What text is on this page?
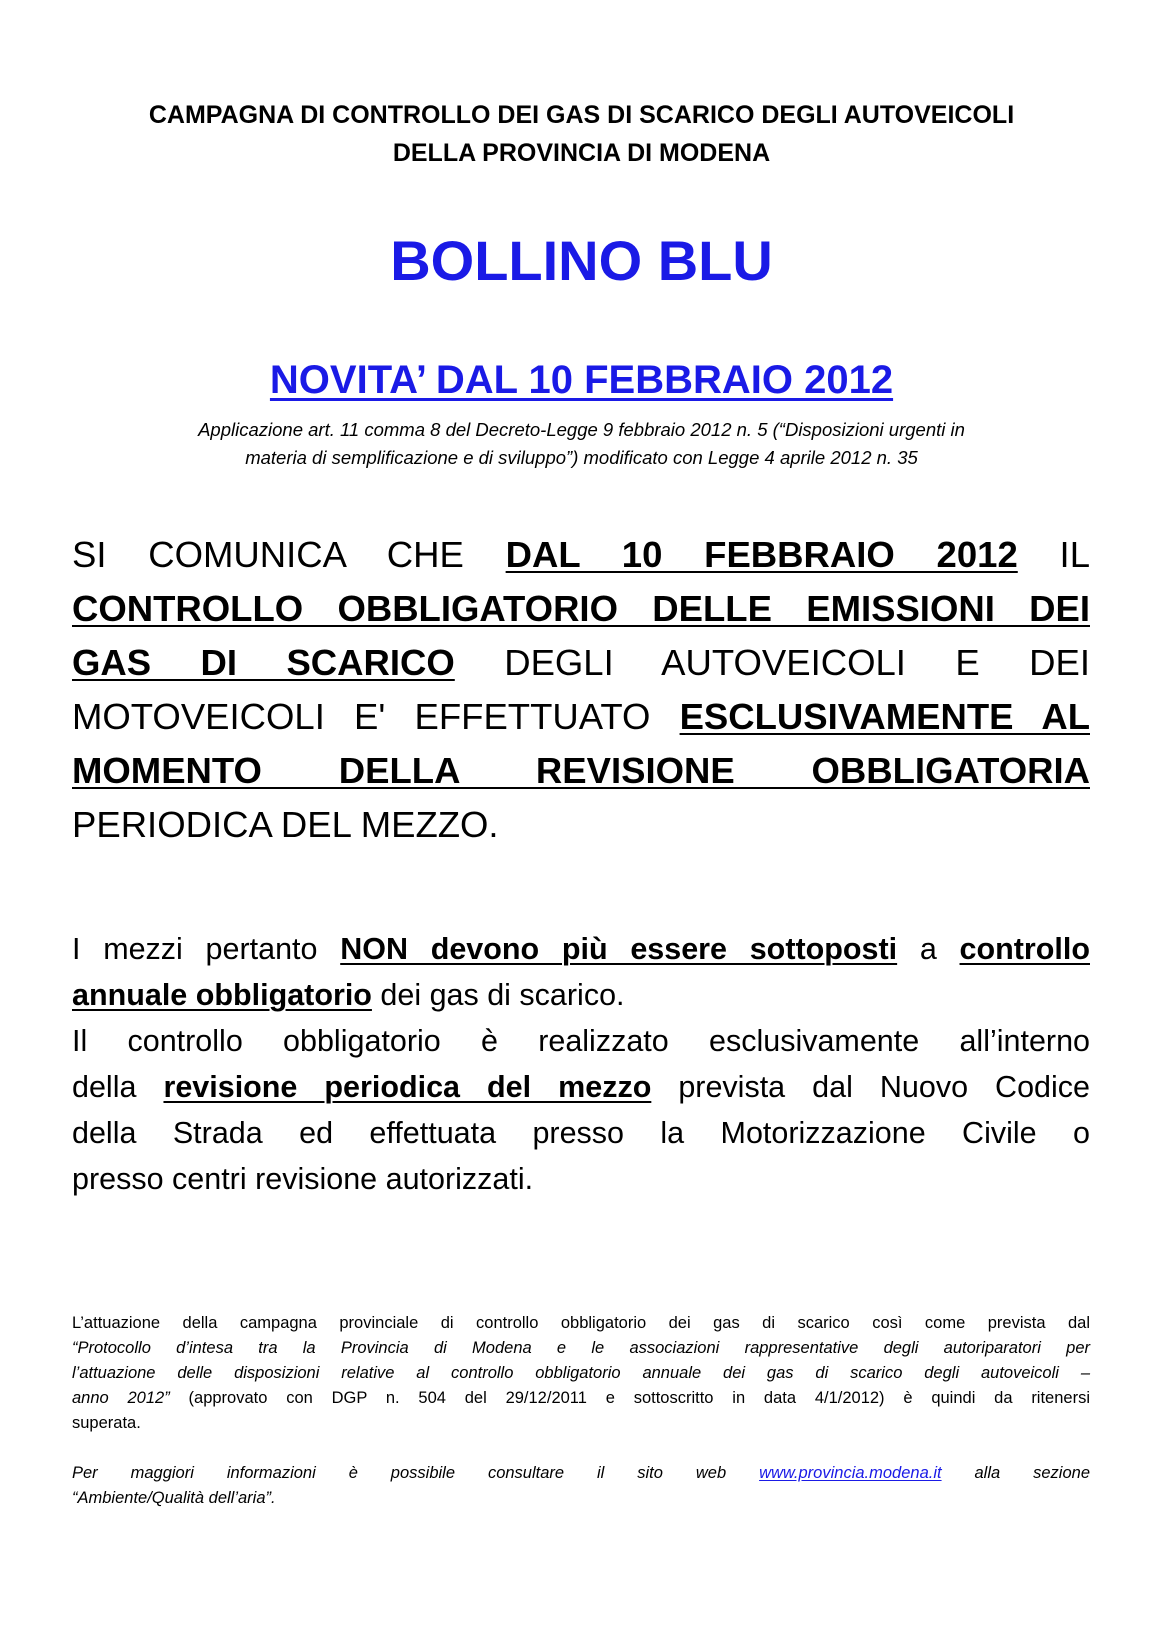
CAMPAGNA DI CONTROLLO DEI GAS DI SCARICO DEGLI AUTOVEICOLI
DELLA PROVINCIA DI MODENA
BOLLINO BLU
NOVITA’ DAL 10 FEBBRAIO 2012
Applicazione art. 11 comma 8 del Decreto-Legge 9 febbraio 2012 n. 5 (“Disposizioni urgenti in
materia di semplificazione e di sviluppo”) modificato con Legge 4 aprile 2012 n. 35
SI COMUNICA CHE DAL 10 FEBBRAIO 2012 IL
CONTROLLO OBBLIGATORIO DELLE EMISSIONI DEI
GAS DI SCARICO DEGLI AUTOVEICOLI E DEI
MOTOVEICOLI E' EFFETTUATO ESCLUSIVAMENTE AL
MOMENTO DELLA REVISIONE OBBLIGATORIA
PERIODICA DEL MEZZO.
I mezzi pertanto NON devono più essere sottoposti a controllo
annuale obbligatorio dei gas di scarico.
Il controllo obbligatorio è realizzato esclusivamente all’interno
della revisione periodica del mezzo prevista dal Nuovo Codice
della Strada ed effettuata presso la Motorizzazione Civile o
presso centri revisione autorizzati.
L’attuazione della campagna provinciale di controllo obbligatorio dei gas di scarico così come prevista dal
“Protocollo d’intesa tra la Provincia di Modena e le associazioni rappresentative degli autoriparatori per
l’attuazione delle disposizioni relative al controllo obbligatorio annuale dei gas di scarico degli autoveicoli –
anno 2012” (approvato con DGP n. 504 del 29/12/2011 e sottoscritto in data 4/1/2012) è quindi da ritenersi
superata.
Per maggiori informazioni è possibile consultare il sito web www.provincia.modena.it alla sezione
“Ambiente/Qualità dell’aria”.
